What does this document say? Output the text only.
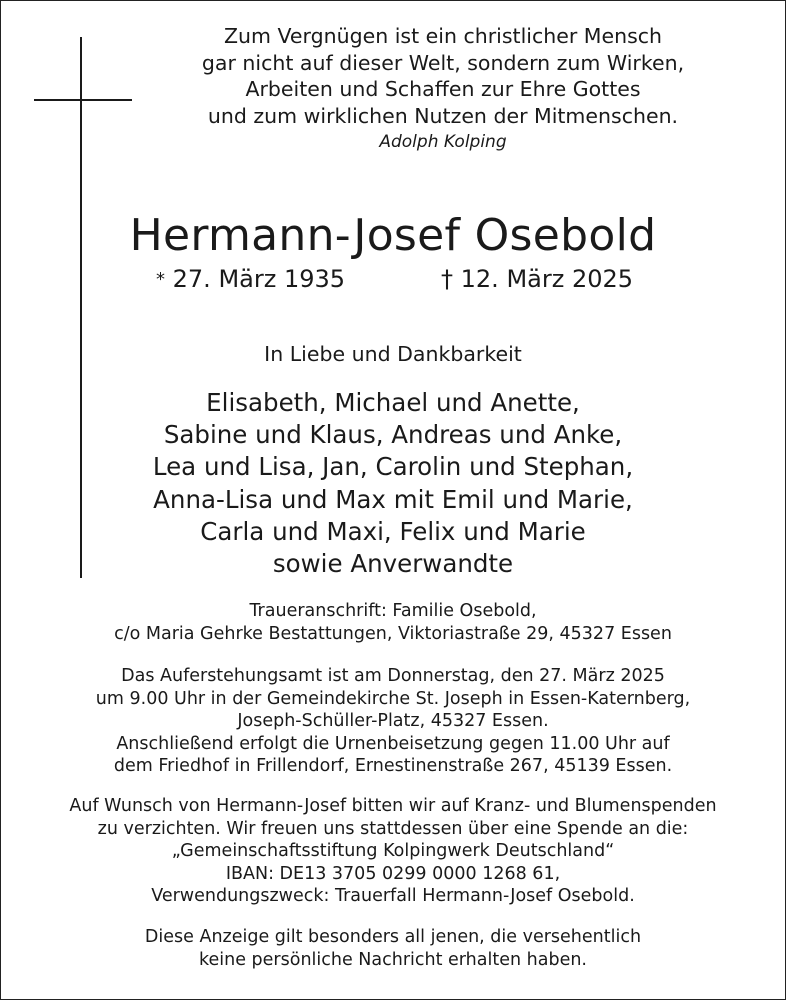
Zum Vergnügen ist ein christlicher Mensch
gar nicht auf dieser Welt, sondern zum Wirken,
Arbeiten und Schaffen zur Ehre Gottes
und zum wirklichen Nutzen der Mitmenschen.
Adolph Kolping
Hermann-Josef Osebold
* 27. März 1935	† 12. März 2025
In Liebe und Dankbarkeit
Elisabeth, Michael und Anette,
Sabine und Klaus, Andreas und Anke,
Lea und Lisa, Jan, Carolin und Stephan,
Anna-Lisa und Max mit Emil und Marie,
Carla und Maxi, Felix und Marie
sowie Anverwandte
Traueranschrift: Familie Osebold,
c/o Maria Gehrke Bestattungen, Viktoriastraße 29, 45327 Essen
Das Auferstehungsamt ist am Donnerstag, den 27. März 2025
um 9.00 Uhr in der Gemeindekirche St. Joseph in Essen-Katernberg,
Joseph-Schüller-Platz, 45327 Essen.
Anschließend erfolgt die Urnenbeisetzung gegen 11.00 Uhr auf
dem Friedhof in Frillendorf, Ernestinenstraße 267, 45139 Essen.
Auf Wunsch von Hermann-Josef bitten wir auf Kranz- und Blumenspenden
zu verzichten. Wir freuen uns stattdessen über eine Spende an die:
„Gemeinschaftsstiftung Kolpingwerk Deutschland“
IBAN: DE13 3705 0299 0000 1268 61,
Verwendungszweck: Trauerfall Hermann-Josef Osebold.
Diese Anzeige gilt besonders all jenen, die versehentlich
keine persönliche Nachricht erhalten haben.
